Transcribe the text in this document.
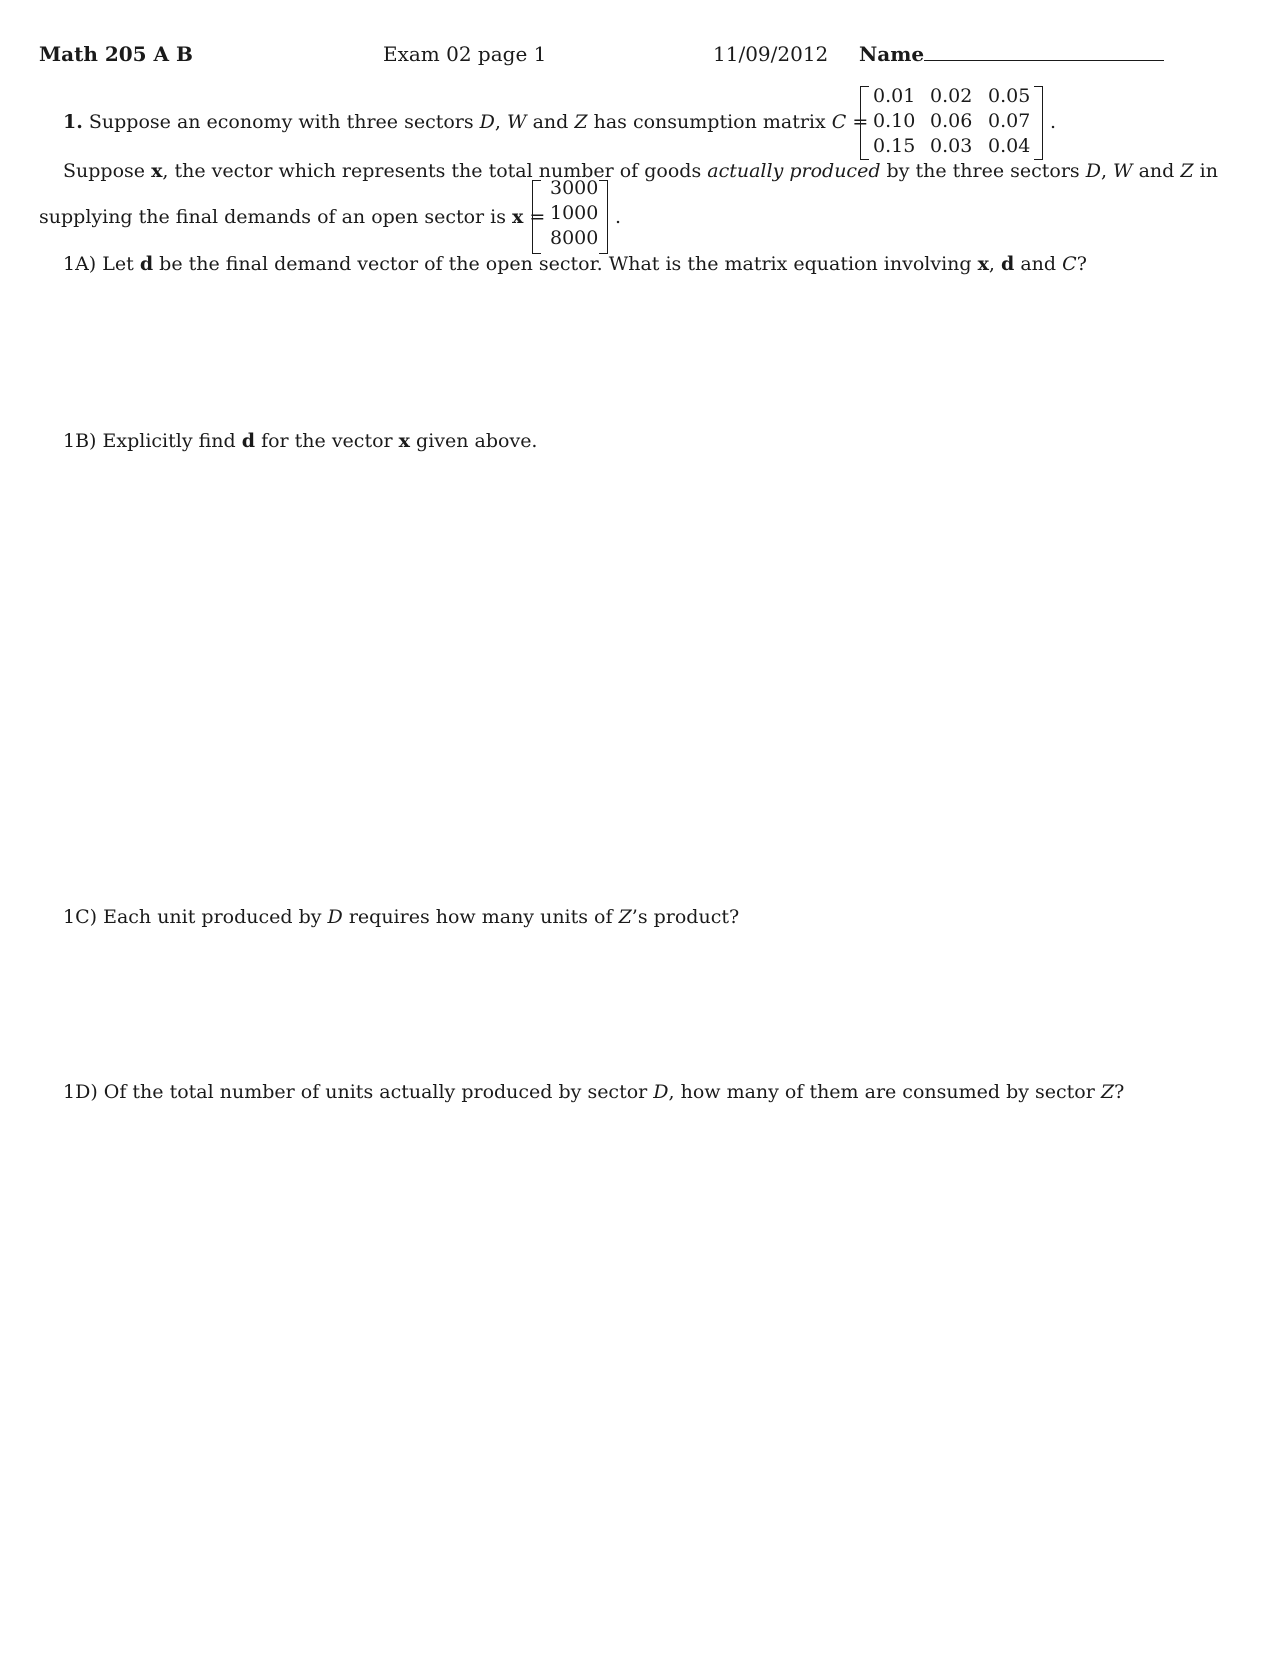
Math 205 A B	Exam 02 page 1	11/09/2012 Name
1. Suppose an economy with three sectors D, W and Z has consumption matrix C =
0.01 0.02 0.05
0.10 0.06 0.07
0.15 0.03 0.04
.
Suppose x, the vector which represents the total number of goods actually produced by the three sectors D, W and Z in
supplying the final demands of an open sector is x =
3000
1000
8000
.
1A) Let d be the final demand vector of the open sector. What is the matrix equation involving x, d and C?
1B) Explicitly find d for the vector x given above.
1C) Each unit produced by D requires how many units of Z’s product?
1D) Of the total number of units actually produced by sector D, how many of them are consumed by sector Z?
